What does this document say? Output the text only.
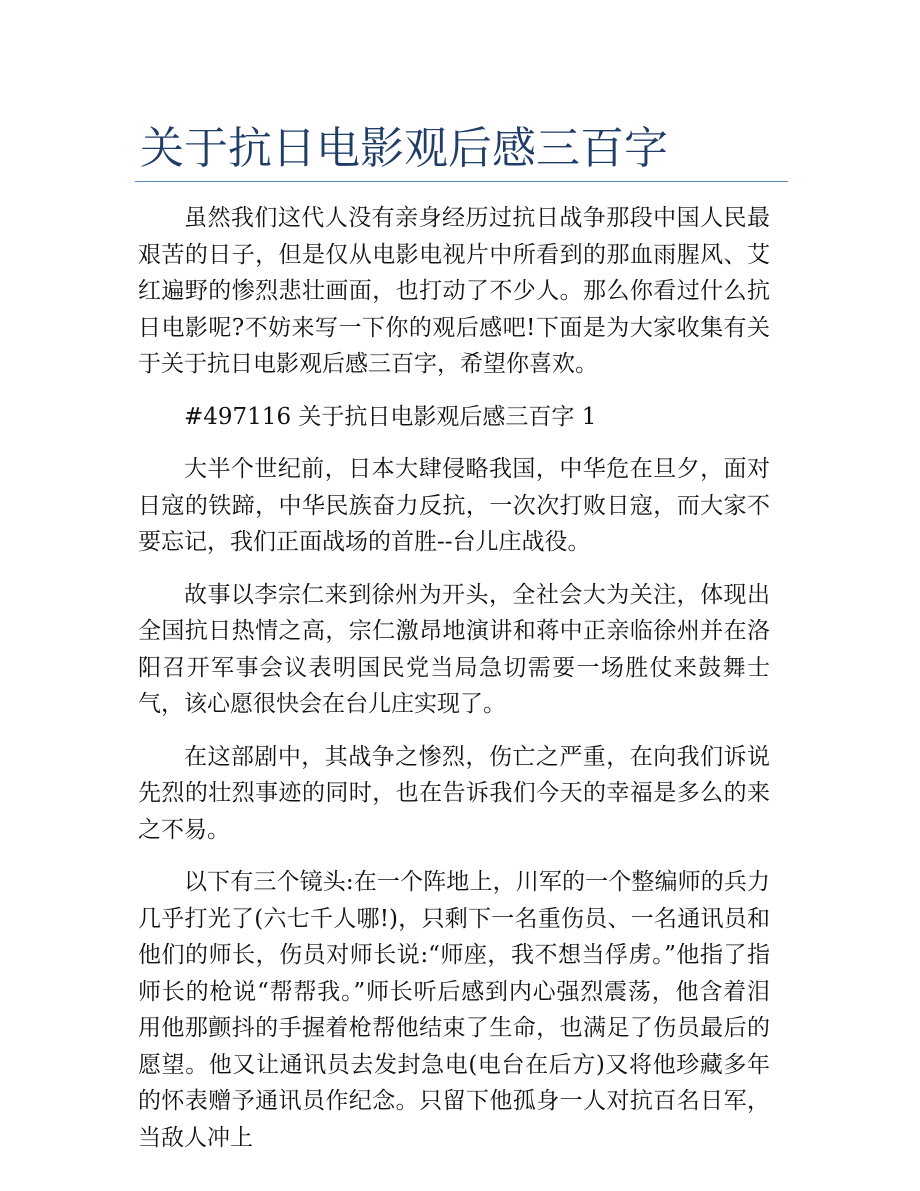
关于抗日电影观后感三百字

虽然我们这代人没有亲身经历过抗日战争那段中国人民最艰苦的日子，但是仅从电影电视片中所看到的那血雨腥风、艾红遍野的惨烈悲壮画面，也打动了不少人。那么你看过什么抗日电影呢?不妨来写一下你的观后感吧!下面是为大家收集有关于关于抗日电影观后感三百字，希望你喜欢。

#497116 关于抗日电影观后感三百字 1

大半个世纪前，日本大肆侵略我国，中华危在旦夕，面对日寇的铁蹄，中华民族奋力反抗，一次次打败日寇，而大家不要忘记，我们正面战场的首胜--台儿庄战役。

故事以李宗仁来到徐州为开头，全社会大为关注，体现出全国抗日热情之高，宗仁激昂地演讲和蒋中正亲临徐州并在洛阳召开军事会议表明国民党当局急切需要一场胜仗来鼓舞士气，该心愿很快会在台儿庄实现了。

在这部剧中，其战争之惨烈，伤亡之严重，在向我们诉说先烈的壮烈事迹的同时，也在告诉我们今天的幸福是多么的来之不易。

以下有三个镜头:在一个阵地上，川军的一个整编师的兵力几乎打光了(六七千人哪!)，只剩下一名重伤员、一名通讯员和他们的师长，伤员对师长说:“师座，我不想当俘虏。”他指了指师长的枪说“帮帮我。”师长听后感到内心强烈震荡，他含着泪用他那颤抖的手握着枪帮他结束了生命，也满足了伤员最后的愿望。他又让通讯员去发封急电(电台在后方)又将他珍藏多年的怀表赠予通讯员作纪念。只留下他孤身一人对抗百名日军，当敌人冲上
